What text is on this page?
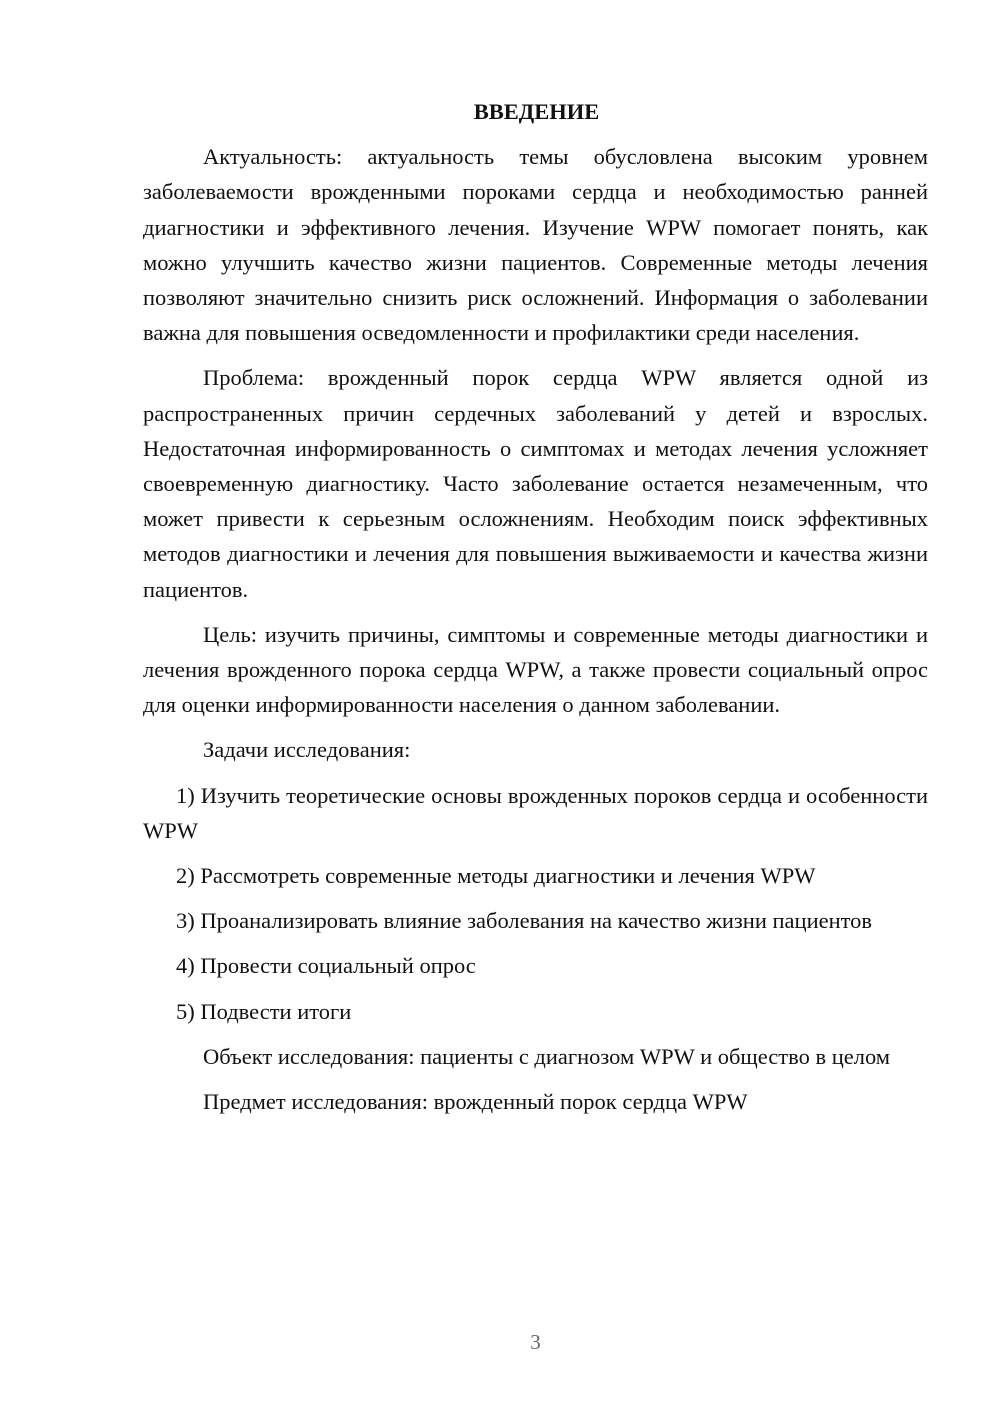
ВВЕДЕНИЕ
Актуальность: актуальность темы обусловлена высоким уровнем заболеваемости врожденными пороками сердца и необходимостью ранней диагностики и эффективного лечения. Изучение WPW помогает понять, как можно улучшить качество жизни пациентов. Современные методы лечения позволяют значительно снизить риск осложнений. Информация о заболевании важна для повышения осведомленности и профилактики среди населения.
Проблема: врожденный порок сердца WPW является одной из распространенных причин сердечных заболеваний у детей и взрослых. Недостаточная информированность о симптомах и методах лечения усложняет своевременную диагностику. Часто заболевание остается незамеченным, что может привести к серьезным осложнениям. Необходим поиск эффективных методов диагностики и лечения для повышения выживаемости и качества жизни пациентов.
Цель: изучить причины, симптомы и современные методы диагностики и лечения врожденного порока сердца WPW, а также провести социальный опрос для оценки информированности населения о данном заболевании.
Задачи исследования:
1) Изучить теоретические основы врожденных пороков сердца и особенности WPW
2) Рассмотреть современные методы диагностики и лечения WPW
3) Проанализировать влияние заболевания на качество жизни пациентов
4) Провести социальный опрос
5) Подвести итоги
Объект исследования: пациенты с диагнозом WPW и общество в целом
Предмет исследования: врожденный порок сердца WPW
3
